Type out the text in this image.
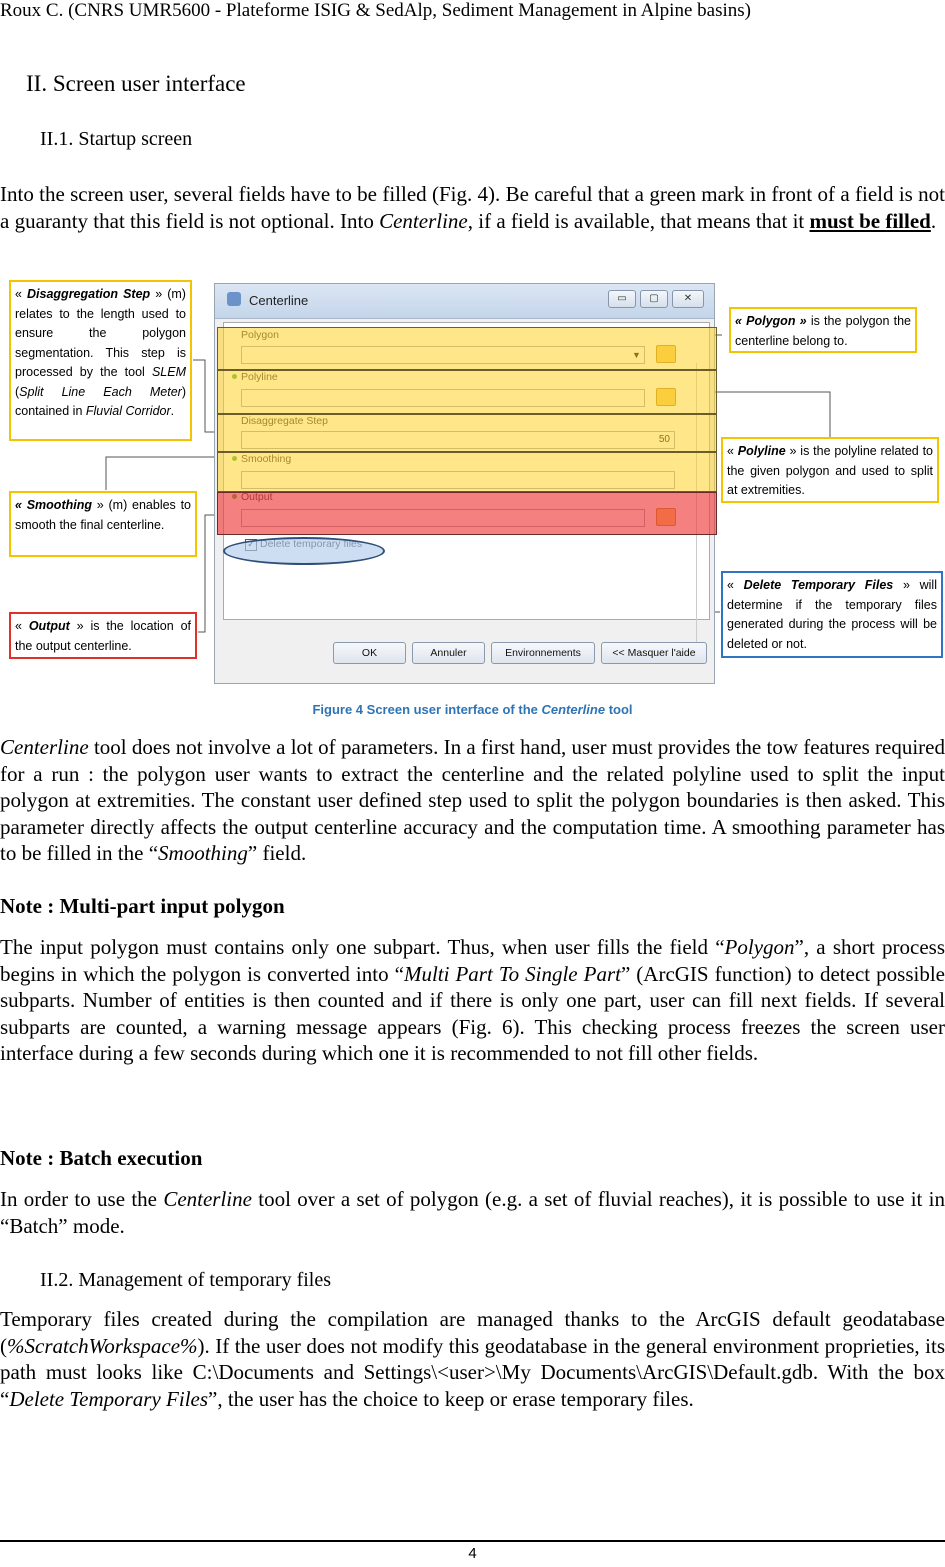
Roux C. (CNRS UMR5600 - Plateforme ISIG & SedAlp, Sediment Management in Alpine basins)
II. Screen user interface
II.1. Startup screen
Into the screen user, several fields have to be filled (Fig. 4). Be careful that a green mark in front of a field is not a guaranty that this field is not optional. Into Centerline, if a field is available, that means that it must be filled.
« Disaggregation Step » (m) relates to the length used to ensure the polygon segmentation. This step is processed by the tool SLEM (Split Line Each Meter) contained in Fluvial Corridor.
« Smoothing » (m) enables to smooth the final centerline.
« Output » is the location of the output centerline.
« Polygon » is the polygon the centerline belong to.
« Polyline » is the polyline related to the given polygon and used to split at extremities.
« Delete Temporary Files » will determine if the temporary files generated during the process will be deleted or not.
Centerline	▭	▢	✕
OK	Annuler	Environnements	<< Masquer l'aide
Figure 4 Screen user interface of the Centerline tool
Centerline tool does not involve a lot of parameters. In a first hand, user must provides the tow features required for a run : the polygon user wants to extract the centerline and the related polyline used to split the input polygon at extremities. The constant user defined step used to split the polygon boundaries is then asked. This parameter directly affects the output centerline accuracy and the computation time. A smoothing parameter has to be filled in the “Smoothing” field.
Note : Multi-part input polygon
The input polygon must contains only one subpart. Thus, when user fills the field “Polygon”, a short process begins in which the polygon is converted into “Multi Part To Single Part” (ArcGIS function) to detect possible subparts. Number of entities is then counted and if there is only one part, user can fill next fields. If several subparts are counted, a warning message appears (Fig. 6). This checking process freezes the screen user interface during a few seconds during which one it is recommended to not fill other fields.
Note : Batch execution
In order to use the Centerline tool over a set of polygon (e.g. a set of fluvial reaches), it is possible to use it in “Batch” mode.
II.2. Management of temporary files
Temporary files created during the compilation are managed thanks to the ArcGIS default geodatabase (%ScratchWorkspace%). If the user does not modify this geodatabase in the general environment proprieties, its path must looks like C:\Documents and Settings\<user>\My Documents\ArcGIS\Default.gdb. With the box “Delete Temporary Files”, the user has the choice to keep or erase temporary files.
4
